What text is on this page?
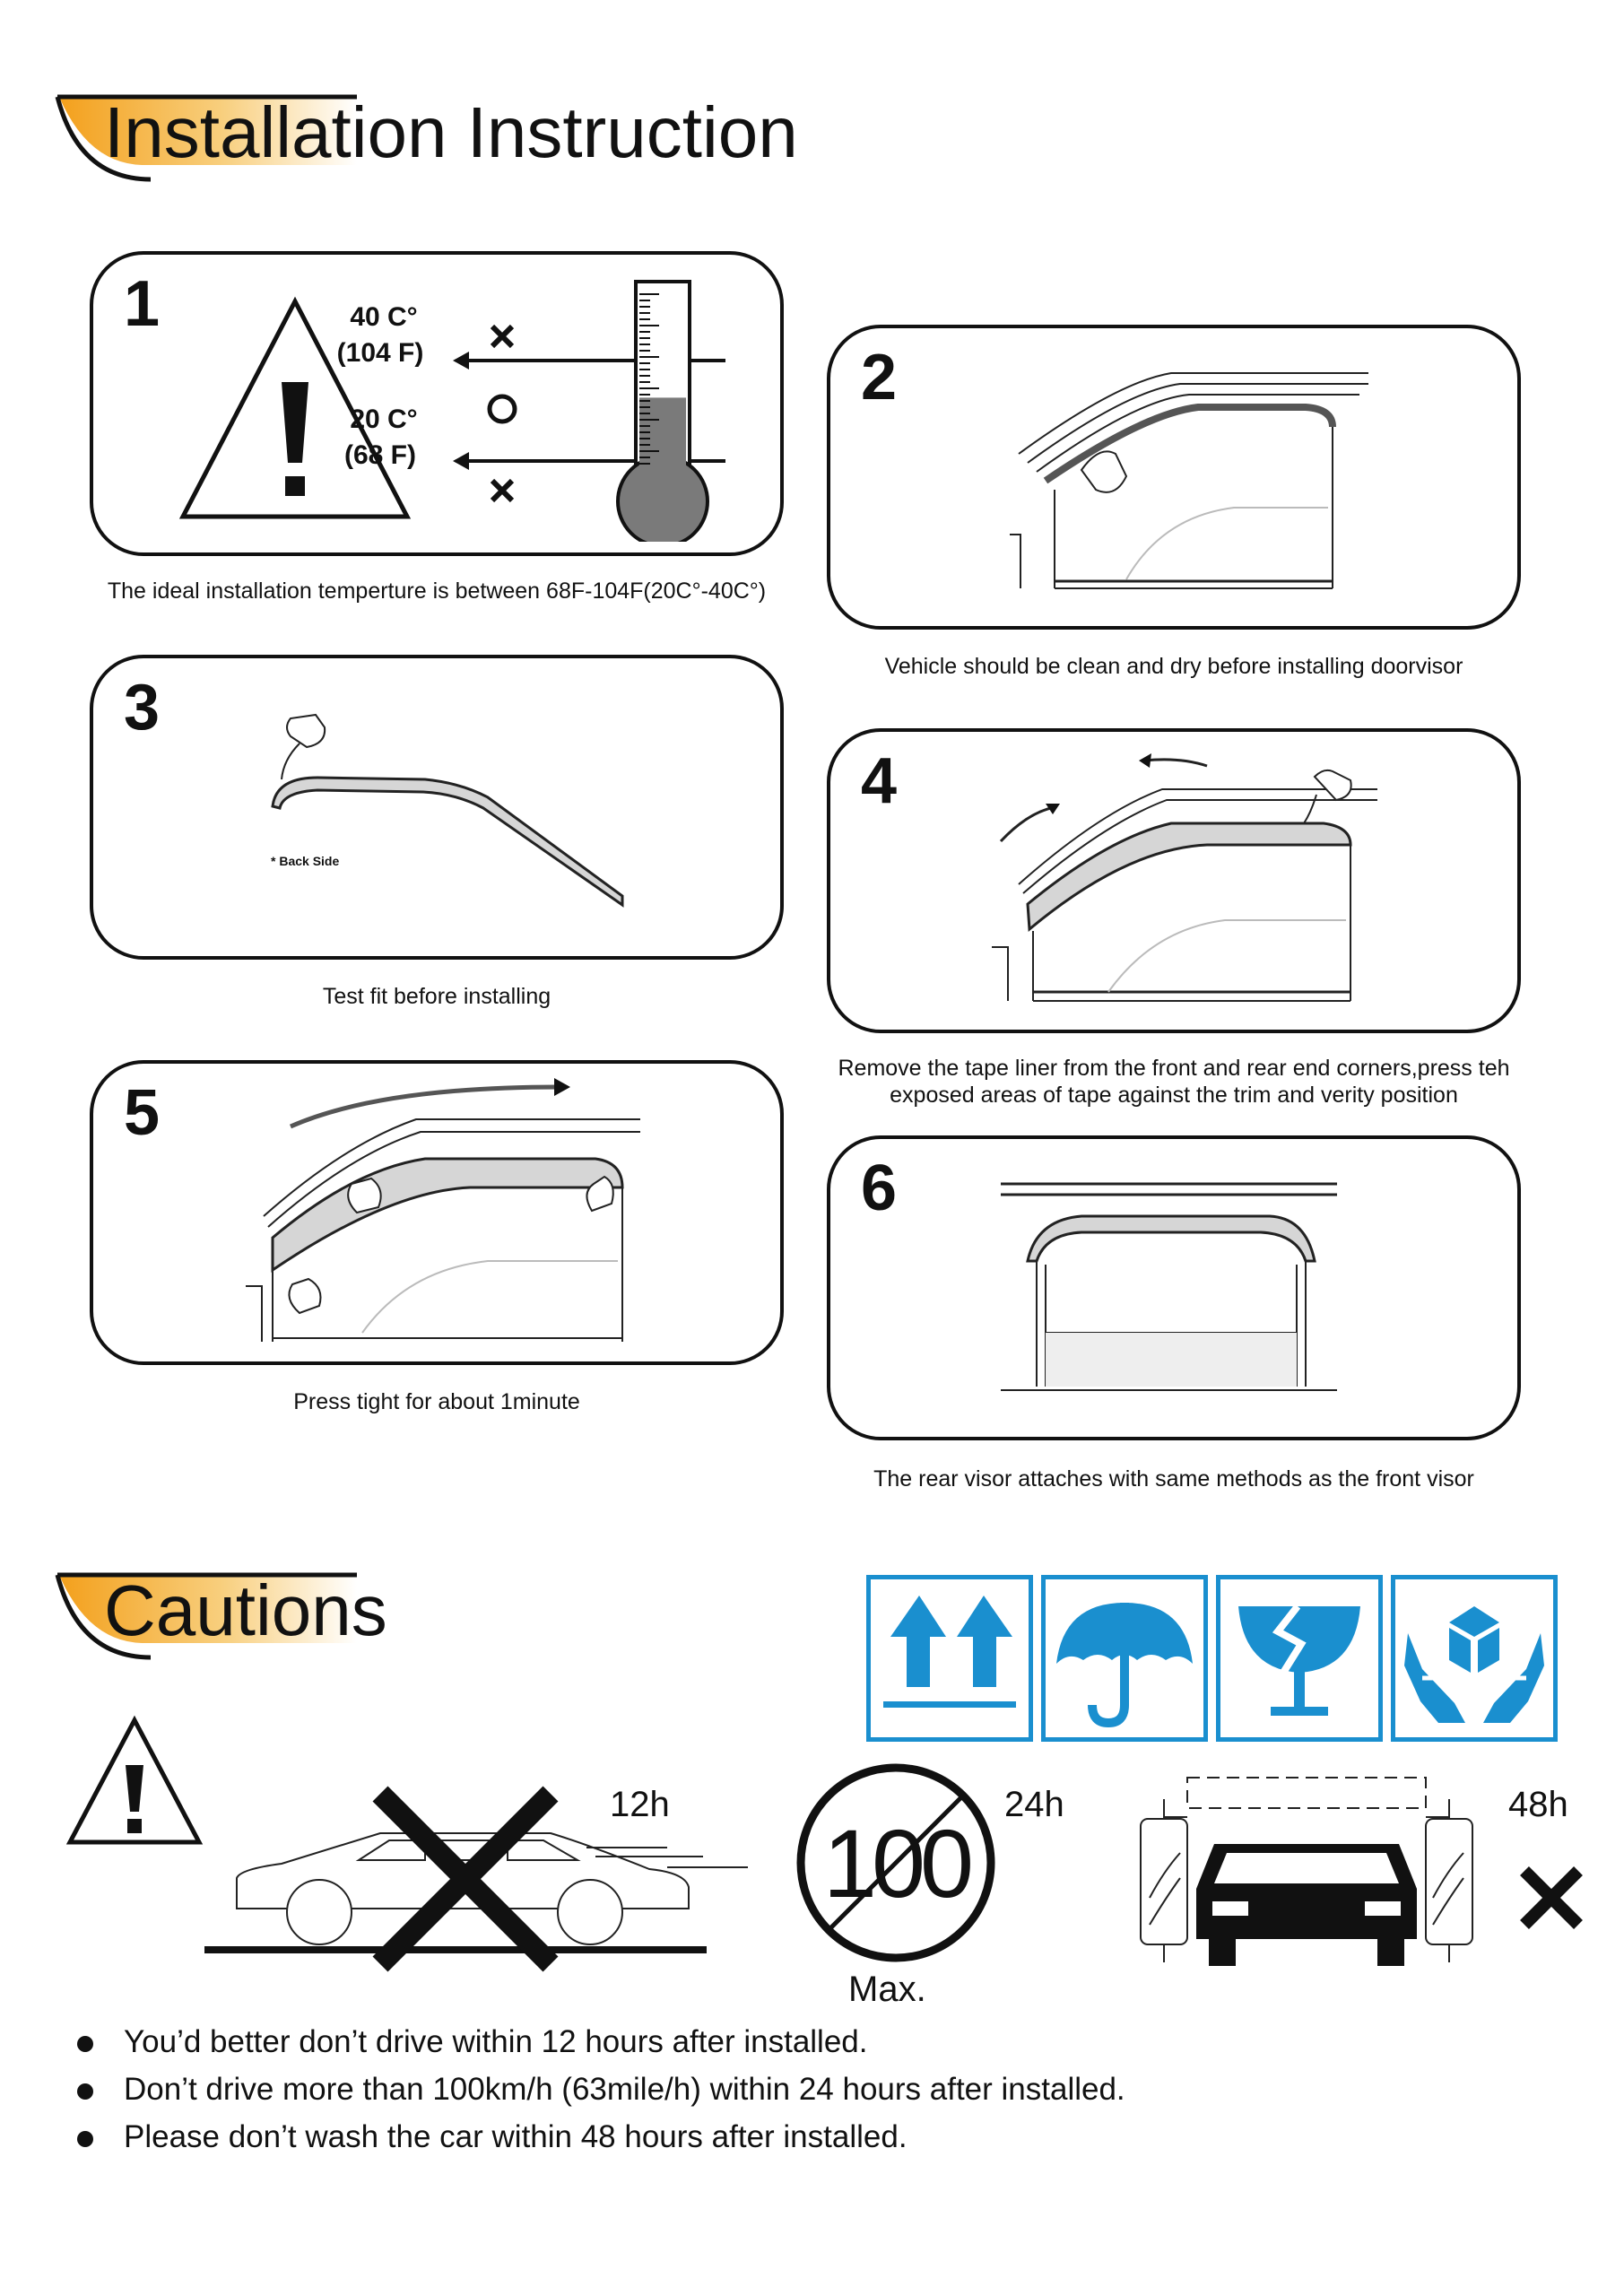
Installation Instruction
1	40 C°
(104 F)
20 C°
(68 F)
The ideal installation temperture is between 68F-104F(20C°-40C°)
2
Vehicle should be clean and dry before installing doorvisor
3
* Back Side
Test fit before installing
4
Remove the tape liner from the front and rear end corners,press teh
exposed areas of tape against the trim and verity position
5
Press tight for about 1minute
6
The rear visor attaches with same methods as the front visor
Cautions
12h
100
Max.
24h	48h
You’d better don’t drive within 12 hours after installed.
Don’t drive more than 100km/h (63mile/h) within 24 hours after installed.
Please don’t wash the car within 48 hours after installed.
